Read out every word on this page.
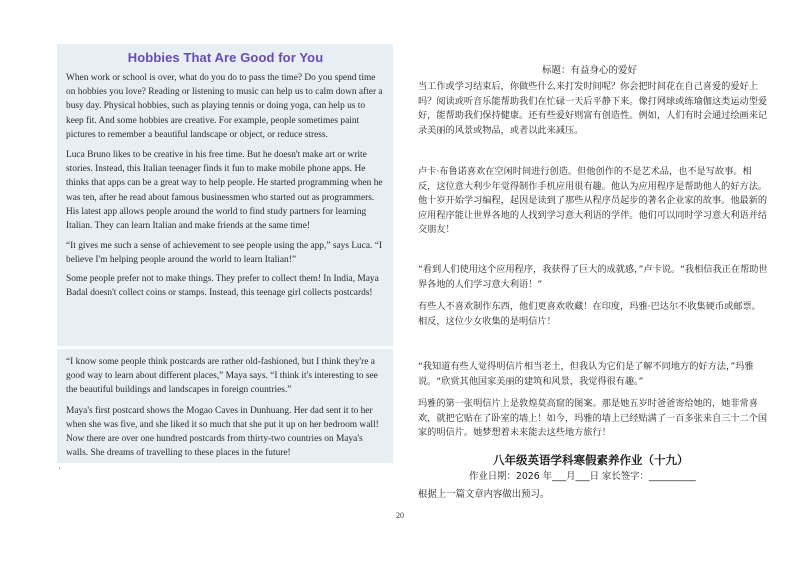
Hobbies That Are Good for You

When work or school is over, what do you do to pass the time? Do you spend time on hobbies you love? Reading or listening to music can help us to calm down after a busy day. Physical hobbies, such as playing tennis or doing yoga, can help us to keep fit. And some hobbies are creative. For example, people sometimes paint pictures to remember a beautiful landscape or object, or reduce stress.

Luca Bruno likes to be creative in his free time. But he doesn't make art or write stories. Instead, this Italian teenager finds it fun to make mobile phone apps. He thinks that apps can be a great way to help people. He started programming when he was ten, after he read about famous businessmen who started out as programmers. His latest app allows people around the world to find study partners for learning Italian. They can learn Italian and make friends at the same time!

“It gives me such a sense of achievement to see people using the app,” says Luca. “I believe I'm helping people around the world to learn Italian!”

Some people prefer not to make things. They prefer to collect them! In India, Maya Badal doesn't collect coins or stamps. Instead, this teenage girl collects postcards!

“I know some people think postcards are rather old-fashioned, but I think they're a good way to learn about different places,” Maya says. “I think it's interesting to see the beautiful buildings and landscapes in foreign countries.”

Maya's first postcard shows the Mogao Caves in Dunhuang. Her dad sent it to her when she was five, and she liked it so much that she put it up on her bedroom wall! Now there are over one hundred postcards from thirty-two countries on Maya's walls. She dreams of travelling to these places in the future!

'
标题：有益身心的爱好

当工作或学习结束后，你做些什么来打发时间呢？你会把时间花在自己喜爱的爱好上吗？阅读或听音乐能帮助我们在忙碌一天后平静下来。像打网球或练瑜伽这类运动型爱好，能帮助我们保持健康。还有些爱好则富有创造性。例如，人们有时会通过绘画来记录美丽的风景或物品，或者以此来减压。

卢卡·布鲁诺喜欢在空闲时间进行创造。但他创作的不是艺术品，也不是写故事。相反，这位意大利少年觉得制作手机应用很有趣。他认为应用程序是帮助他人的好方法。他十岁开始学习编程，起因是读到了那些从程序员起步的著名企业家的故事。他最新的应用程序能让世界各地的人找到学习意大利语的学伴。他们可以同时学习意大利语并结交朋友！

“看到人们使用这个应用程序，我获得了巨大的成就感，”卢卡说。“我相信我正在帮助世界各地的人们学习意大利语！”

有些人不喜欢制作东西，他们更喜欢收藏！在印度，玛雅·巴达尔不收集硬币或邮票。相反，这位少女收集的是明信片！

“我知道有些人觉得明信片相当老土，但我认为它们是了解不同地方的好方法，”玛雅说。“欣赏其他国家美丽的建筑和风景，我觉得很有趣。”

玛雅的第一张明信片上是敦煌莫高窟的图案。那是她五岁时爸爸寄给她的，她非常喜欢，就把它贴在了卧室的墙上！如今，玛雅的墙上已经贴满了一百多张来自三十二个国家的明信片。她梦想着未来能去这些地方旅行！

八年级英语学科寒假素养作业（十九）
作业日期：2026 年___月___日 家长签字：__________
根据上一篇文章内容做出预习。
20
